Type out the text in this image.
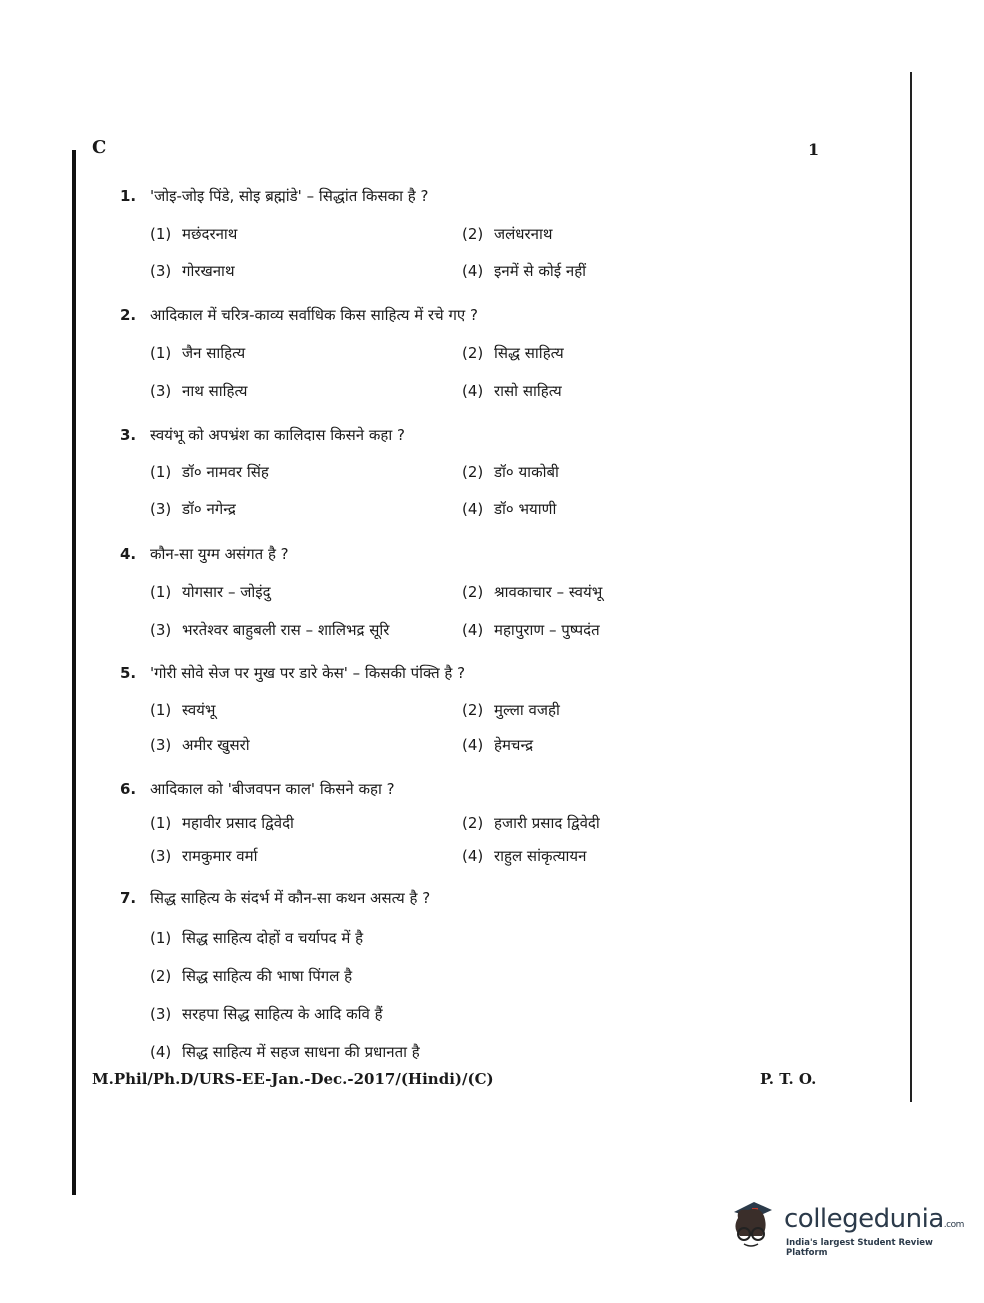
C	1
1. 'जोइ-जोइ पिंडे, सोइ ब्रह्मांडे' – सिद्धांत किसका है ?
(1) मछंदरनाथ	(2) जलंधरनाथ
(3) गोरखनाथ	(4) इनमें से कोई नहीं
2. आदिकाल में चरित्र-काव्य सर्वाधिक किस साहित्य में रचे गए ?
(1) जैन साहित्य	(2) सिद्ध साहित्य
(3) नाथ साहित्य	(4) रासो साहित्य
3. स्वयंभू को अपभ्रंश का कालिदास किसने कहा ?
(1) डॉ० नामवर सिंह	(2) डॉ० याकोबी
(3) डॉ० नगेन्द्र	(4) डॉ० भयाणी
4. कौन-सा युग्म असंगत है ?
(1) योगसार – जोइंदु	(2) श्रावकाचार – स्वयंभू
(3) भरतेश्वर बाहुबली रास – शालिभद्र सूरि	(4) महापुराण – पुष्पदंत
5. 'गोरी सोवे सेज पर मुख पर डारे केस' – किसकी पंक्ति है ?
(1) स्वयंभू	(2) मुल्ला वजही
(3) अमीर खुसरो	(4) हेमचन्द्र
6. आदिकाल को 'बीजवपन काल' किसने कहा ?
(1) महावीर प्रसाद द्विवेदी	(2) हजारी प्रसाद द्विवेदी
(3) रामकुमार वर्मा	(4) राहुल सांकृत्यायन
7. सिद्ध साहित्य के संदर्भ में कौन-सा कथन असत्य है ?
(1) सिद्ध साहित्य दोहों व चर्यापद में है
(2) सिद्ध साहित्य की भाषा पिंगल है
(3) सरहपा सिद्ध साहित्य के आदि कवि हैं
(4) सिद्ध साहित्य में सहज साधना की प्रधानता है
M.Phil/Ph.D/URS-EE-Jan.-Dec.-2017/(Hindi)/(C)	P. T. O.
collegedunia.com
India's largest Student Review Platform
